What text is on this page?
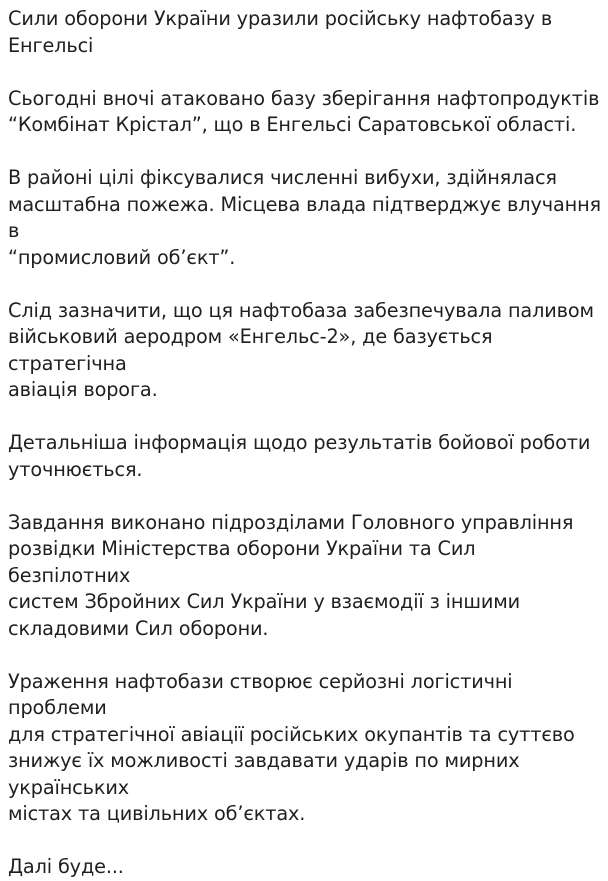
Сили оборони України уразили російську нафтобазу в
Енгельсі

Сьогодні вночі атаковано базу зберігання нафтопродуктів
“Комбінат Крістал”, що в Енгельсі Саратовської області.

В районі цілі фіксувалися численні вибухи, здійнялася
масштабна пожежа. Місцева влада підтверджує влучання в
“промисловий об’єкт”.

Слід зазначити, що ця нафтобаза забезпечувала паливом
військовий аеродром «Енгельс-2», де базується стратегічна
авіація ворога.

Детальніша інформація щодо результатів бойової роботи
уточнюється.

Завдання виконано підрозділами Головного управління
розвідки Міністерства оборони України та Сил безпілотних
систем Збройних Сил України у взаємодії з іншими
складовими Сил оборони.

Ураження нафтобази створює серйозні логістичні проблеми
для стратегічної авіації російських окупантів та суттєво
знижує їх можливості завдавати ударів по мирних українських
містах та цивільних об’єктах.

Далі буде...
